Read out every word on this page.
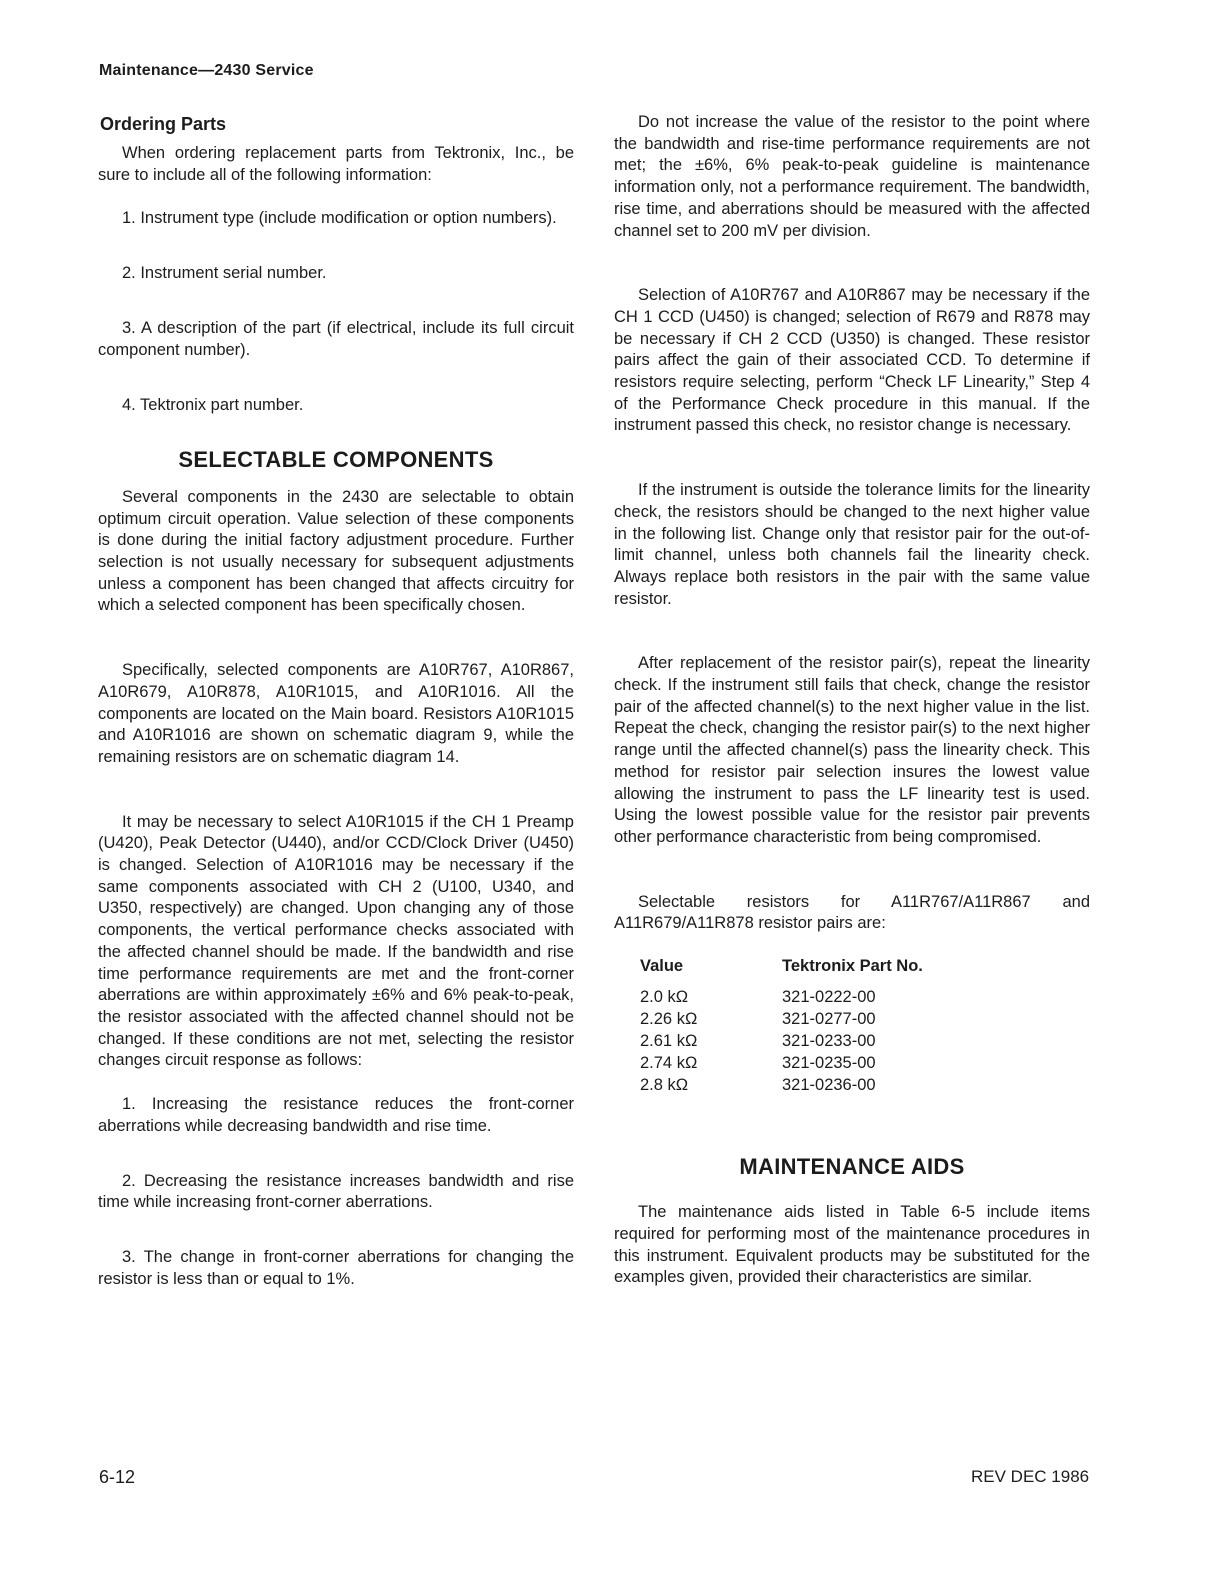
Maintenance—2430 Service
Ordering Parts

When ordering replacement parts from Tektronix, Inc., be sure to include all of the following information:

1. Instrument type (include modification or option numbers).

2. Instrument serial number.

3. A description of the part (if electrical, include its full circuit component number).

4. Tektronix part number.

SELECTABLE COMPONENTS

Several components in the 2430 are selectable to obtain optimum circuit operation. Value selection of these components is done during the initial factory adjustment procedure. Further selection is not usually necessary for subsequent adjustments unless a component has been changed that affects circuitry for which a selected component has been specifically chosen.

Specifically, selected components are A10R767, A10R867, A10R679, A10R878, A10R1015, and A10R1016. All the components are located on the Main board. Resistors A10R1015 and A10R1016 are shown on schematic diagram 9, while the remaining resistors are on schematic diagram 14.

It may be necessary to select A10R1015 if the CH 1 Preamp (U420), Peak Detector (U440), and/or CCD/Clock Driver (U450) is changed. Selection of A10R1016 may be necessary if the same components associated with CH 2 (U100, U340, and U350, respectively) are changed. Upon changing any of those components, the vertical performance checks associated with the affected channel should be made. If the bandwidth and rise time performance requirements are met and the front-corner aberrations are within approximately ±6% and 6% peak-to-peak, the resistor associated with the affected channel should not be changed. If these conditions are not met, selecting the resistor changes circuit response as follows:

1. Increasing the resistance reduces the front-corner aberrations while decreasing bandwidth and rise time.

2. Decreasing the resistance increases bandwidth and rise time while increasing front-corner aberrations.

3. The change in front-corner aberrations for changing the resistor is less than or equal to 1%.

Do not increase the value of the resistor to the point where the bandwidth and rise-time performance requirements are not met; the ±6%, 6% peak-to-peak guideline is maintenance information only, not a performance requirement. The bandwidth, rise time, and aberrations should be measured with the affected channel set to 200 mV per division.

Selection of A10R767 and A10R867 may be necessary if the CH 1 CCD (U450) is changed; selection of R679 and R878 may be necessary if CH 2 CCD (U350) is changed. These resistor pairs affect the gain of their associated CCD. To determine if resistors require selecting, perform “Check LF Linearity,” Step 4 of the Performance Check procedure in this manual. If the instrument passed this check, no resistor change is necessary.

If the instrument is outside the tolerance limits for the linearity check, the resistors should be changed to the next higher value in the following list. Change only that resistor pair for the out-of-limit channel, unless both channels fail the linearity check. Always replace both resistors in the pair with the same value resistor.

After replacement of the resistor pair(s), repeat the linearity check. If the instrument still fails that check, change the resistor pair of the affected channel(s) to the next higher value in the list. Repeat the check, changing the resistor pair(s) to the next higher range until the affected channel(s) pass the linearity check. This method for resistor pair selection insures the lowest value allowing the instrument to pass the LF linearity test is used. Using the lowest possible value for the resistor pair prevents other performance characteristic from being compromised.

Selectable resistors for A11R767/A11R867 and A11R679/A11R878 resistor pairs are:

Value	Tektronix Part No.
2.0 kΩ	321-0222-00
2.26 kΩ	321-0277-00
2.61 kΩ	321-0233-00
2.74 kΩ	321-0235-00
2.8 kΩ	321-0236-00
MAINTENANCE AIDS

The maintenance aids listed in Table 6-5 include items required for performing most of the maintenance procedures in this instrument. Equivalent products may be substituted for the examples given, provided their characteristics are similar.

6-12	REV DEC 1986
